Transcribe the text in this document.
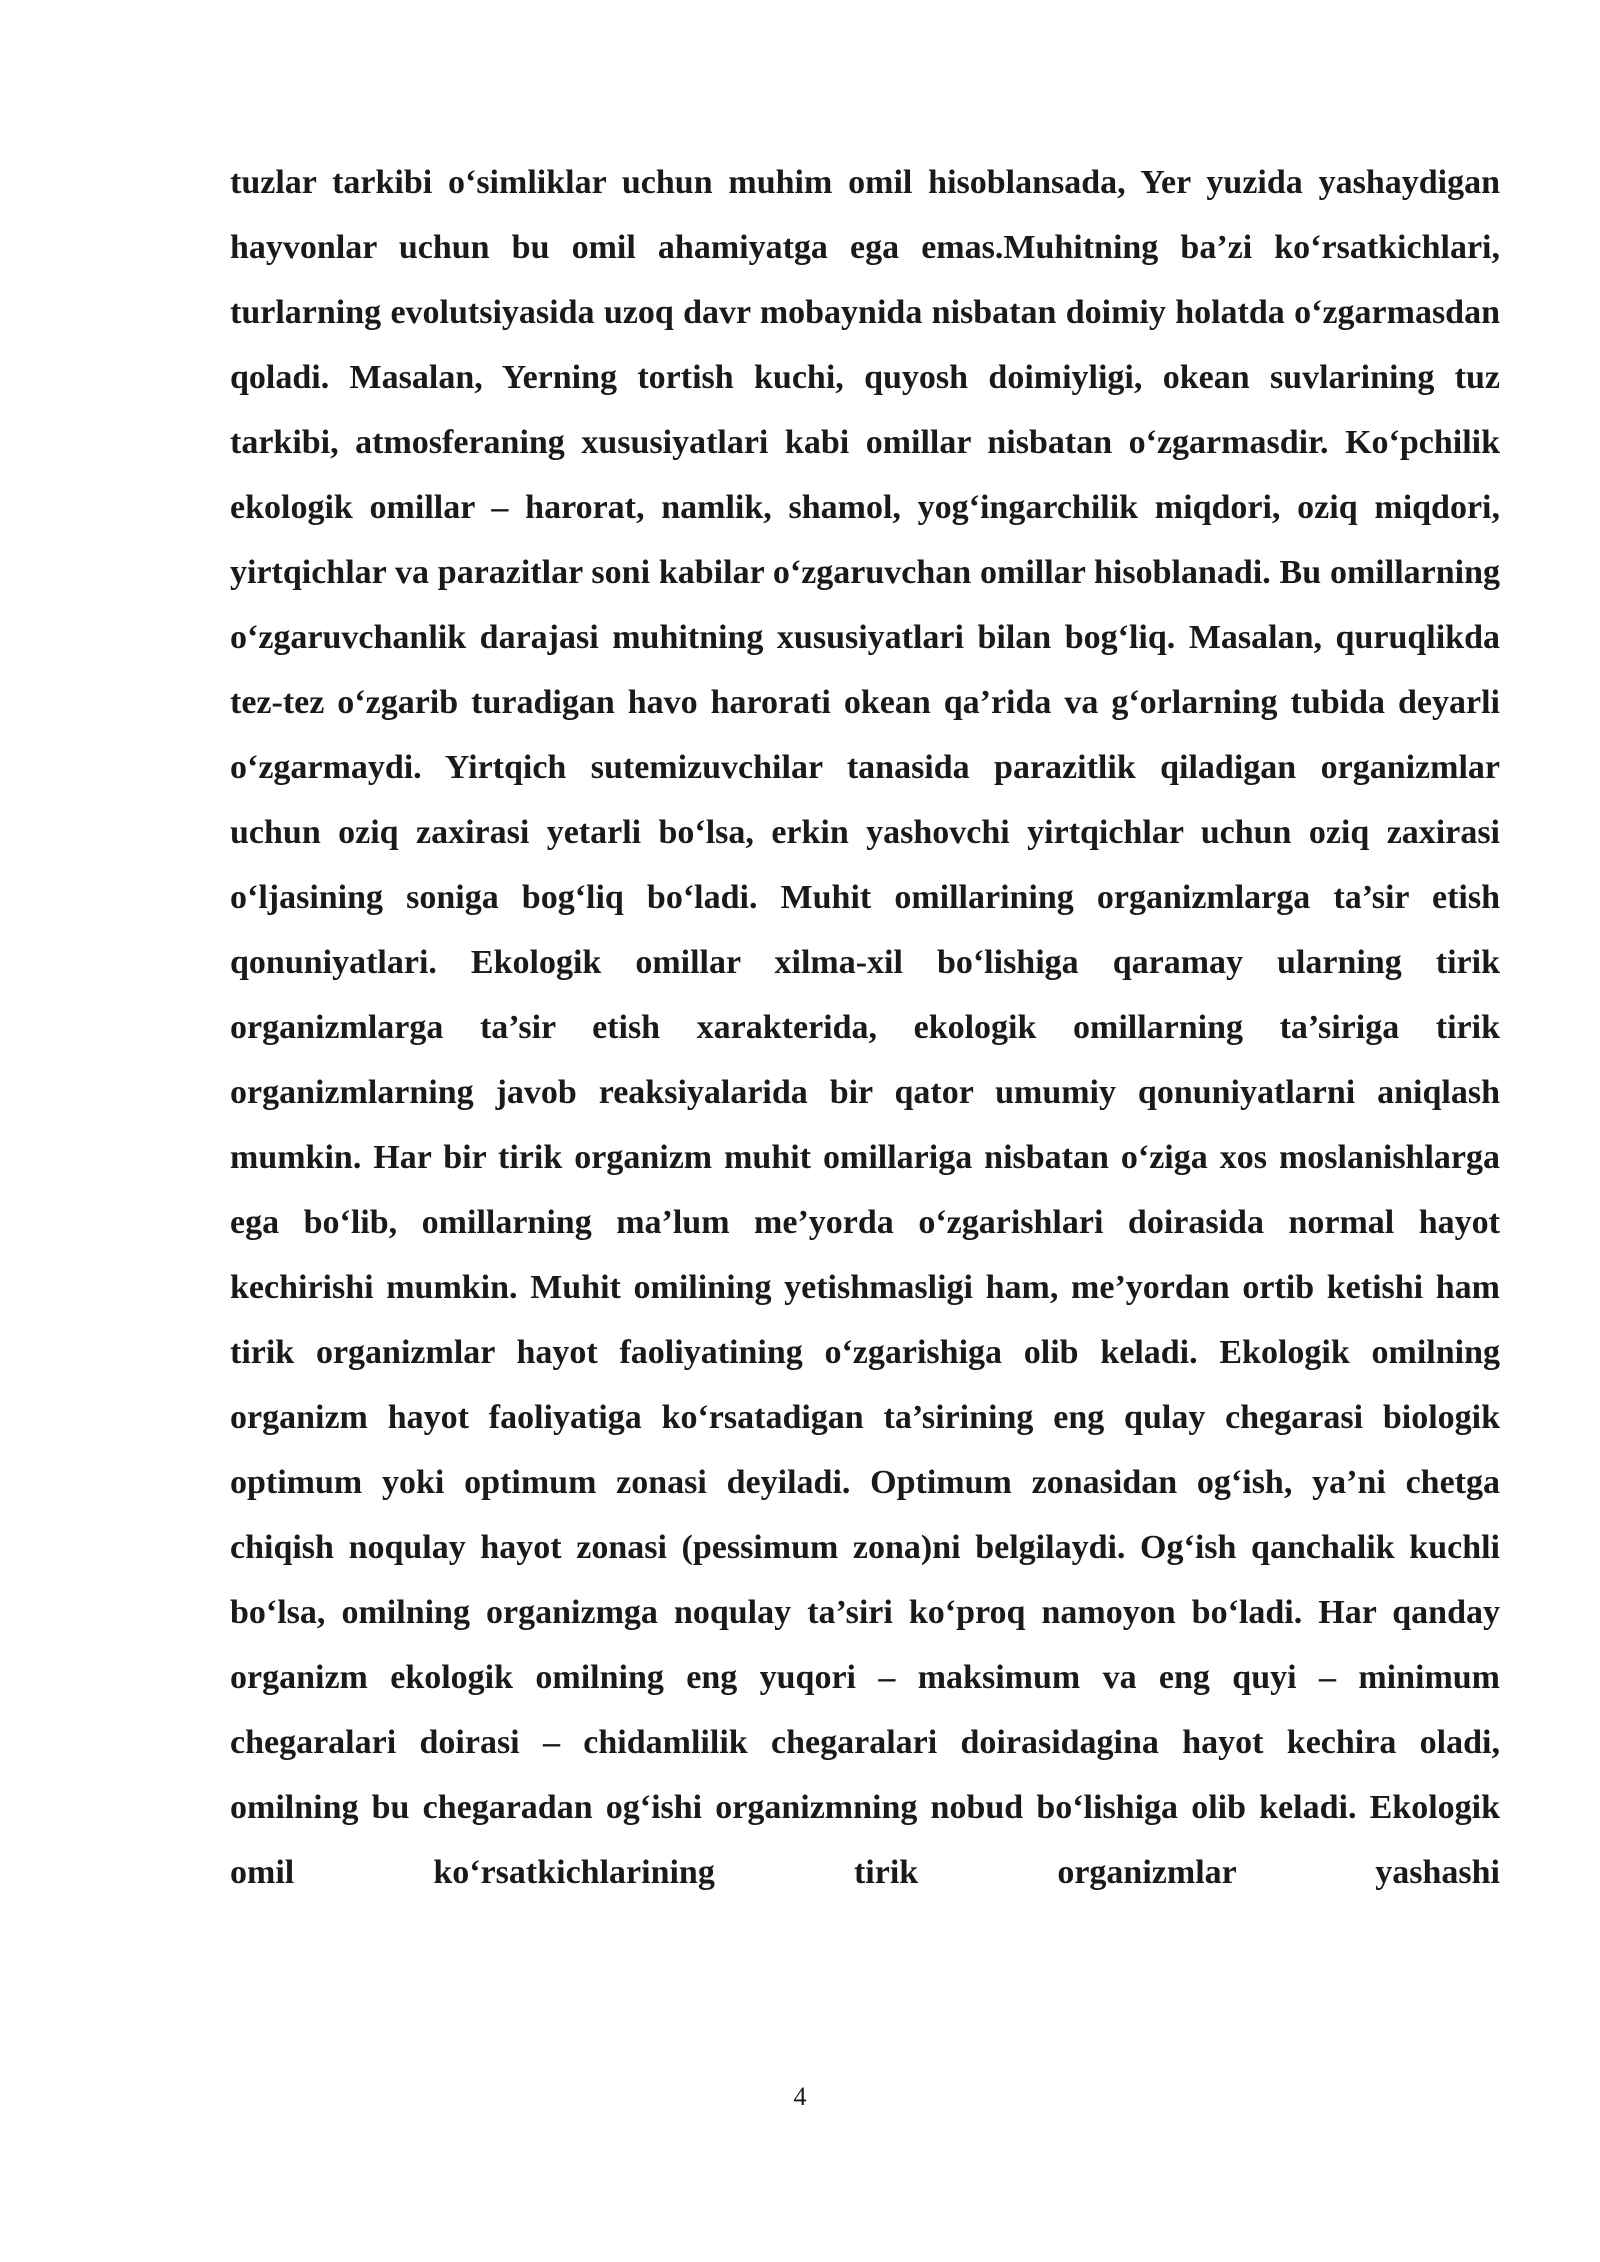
tuzlar tarkibi o‘simliklar uchun muhim omil hisoblansada, Yer yuzida yashaydigan hayvonlar uchun bu omil ahamiyatga ega emas.Muhitning ba’zi ko‘rsatkichlari, turlarning evolutsiyasida uzoq davr mobaynida nisbatan doimiy holatda o‘zgarmasdan qoladi. Masalan, Yerning tortish kuchi, quyosh doimiyligi, okean suvlarining tuz tarkibi, atmosferaning xususiyatlari kabi omillar nisbatan o‘zgarmasdir. Ko‘pchilik ekologik omillar – harorat, namlik, shamol, yog‘ingarchilik miqdori, oziq miqdori, yirtqichlar va parazitlar soni kabilar o‘zgaruvchan omillar hisoblanadi. Bu omillarning o‘zgaruvchanlik darajasi muhitning xususiyatlari bilan bog‘liq. Masalan, quruqlikda tez-tez o‘zgarib turadigan havo harorati okean qa’rida va g‘orlarning tubida deyarli o‘zgarmaydi. Yirtqich sutemizuvchilar tanasida parazitlik qiladigan organizmlar uchun oziq zaxirasi yetarli bo‘lsa, erkin yashovchi yirtqichlar uchun oziq zaxirasi o‘ljasining soniga bog‘liq bo‘ladi. Muhit omillarining organizmlarga ta’sir etish qonuniyatlari. Ekologik omillar xilma-xil bo‘lishiga qaramay ularning tirik organizmlarga ta’sir etish xarakterida, ekologik omillarning ta’siriga tirik organizmlarning javob reaksiyalarida bir qator umumiy qonuniyatlarni aniqlash mumkin. Har bir tirik organizm muhit omillariga nisbatan o‘ziga xos moslanishlarga ega bo‘lib, omillarning ma’lum me’yorda o‘zgarishlari doirasida normal hayot kechirishi mumkin. Muhit omilining yetishmasligi ham, me’yordan ortib ketishi ham tirik organizmlar hayot faoliyatining o‘zgarishiga olib keladi. Ekologik omilning organizm hayot faoliyatiga ko‘rsatadigan ta’sirining eng qulay chegarasi biologik optimum yoki optimum zonasi deyiladi. Optimum zonasidan og‘ish, ya’ni chetga chiqish noqulay hayot zonasi (pessimum zona)ni belgilaydi. Og‘ish qanchalik kuchli bo‘lsa, omilning organizmga noqulay ta’siri ko‘proq namoyon bo‘ladi. Har qanday organizm ekologik omilning eng yuqori – maksimum va eng quyi – minimum chegaralari doirasi – chidamlilik chegaralari doirasidagina hayot kechira oladi, omilning bu chegaradan og‘ishi organizmning nobud bo‘lishiga olib keladi. Ekologik omil ko‘rsatkichlarining tirik organizmlar yashashi

4
